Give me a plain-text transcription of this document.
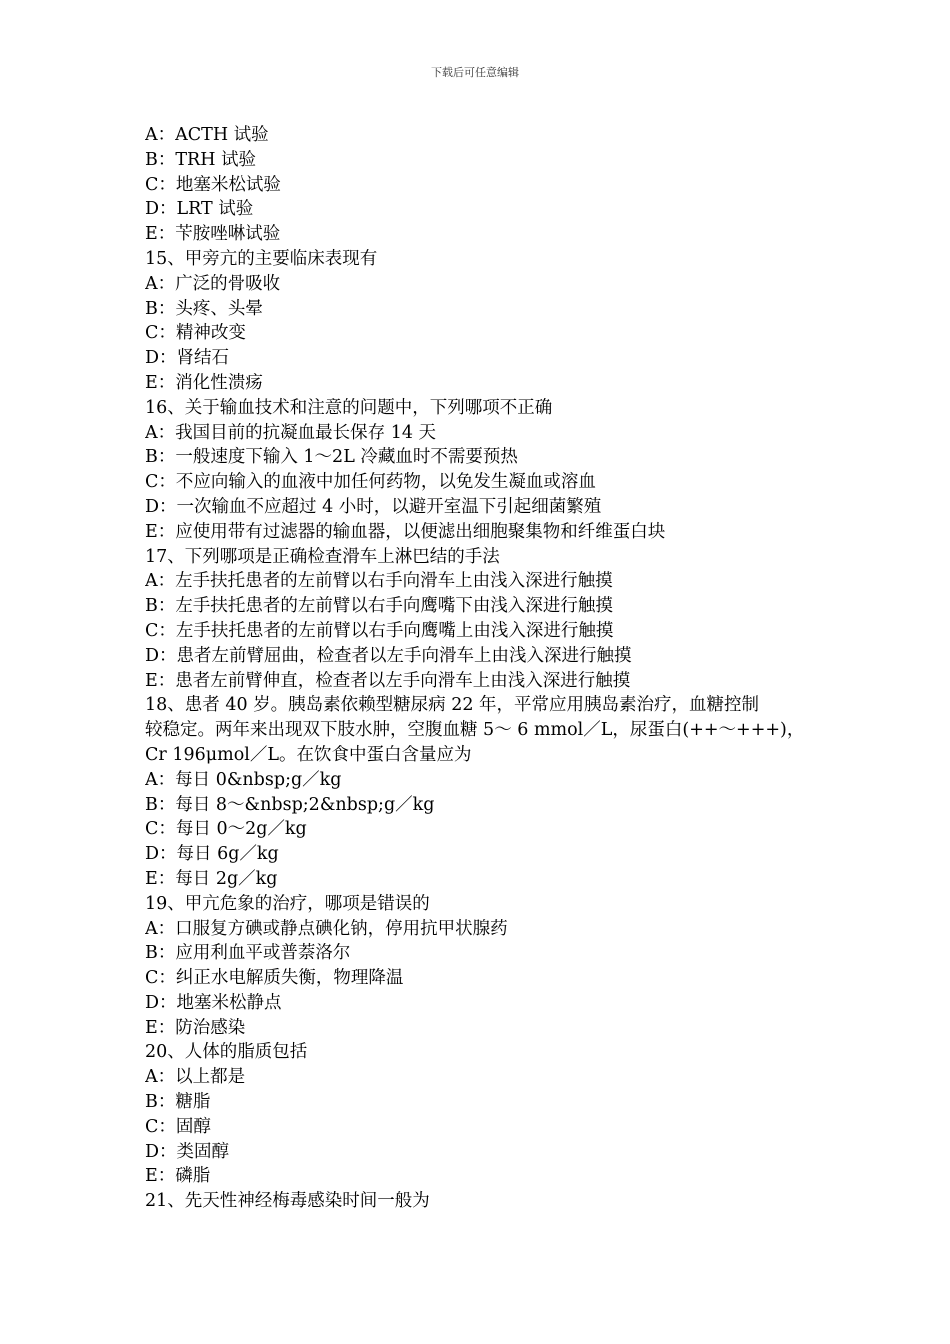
下载后可任意编辑
A：ACTH 试验
B：TRH 试验
C：地塞米松试验
D：LRT 试验
E：苄胺唑啉试验
15、甲旁亢的主要临床表现有
A：广泛的骨吸收
B：头疼、头晕
C：精神改变
D：肾结石
E：消化性溃疡
16、关于输血技术和注意的问题中，下列哪项不正确
A：我国目前的抗凝血最长保存 14 天
B：一般速度下输入 1～2L 冷藏血时不需要预热
C：不应向输入的血液中加任何药物，以免发生凝血或溶血
D：一次输血不应超过 4 小时，以避开室温下引起细菌繁殖
E：应使用带有过滤器的输血器，以便滤出细胞聚集物和纤维蛋白块
17、下列哪项是正确检查滑车上淋巴结的手法
A：左手扶托患者的左前臂以右手向滑车上由浅入深进行触摸
B：左手扶托患者的左前臂以右手向鹰嘴下由浅入深进行触摸
C：左手扶托患者的左前臂以右手向鹰嘴上由浅入深进行触摸
D：患者左前臂屈曲，检查者以左手向滑车上由浅入深进行触摸
E：患者左前臂伸直，检查者以左手向滑车上由浅入深进行触摸
18、患者 40 岁。胰岛素依赖型糖尿病 22 年，平常应用胰岛素治疗，血糖控制
较稳定。两年来出现双下肢水肿，空腹血糖 5～ 6 mmol／L，尿蛋白(++～+++)，
Cr 196μmol／L。在饮食中蛋白含量应为
A：每日 0&nbsp;g／kg
B：每日 8～&nbsp;2&nbsp;g／kg
C：每日 0～2g／kg
D：每日 6g／kg
E：每日 2g／kg
19、甲亢危象的治疗，哪项是错误的
A：口服复方碘或静点碘化钠，停用抗甲状腺药
B：应用利血平或普萘洛尔
C：纠正水电解质失衡，物理降温
D：地塞米松静点
E：防治感染
20、人体的脂质包括
A：以上都是
B：糖脂
C：固醇
D：类固醇
E：磷脂
21、先天性神经梅毒感染时间一般为
